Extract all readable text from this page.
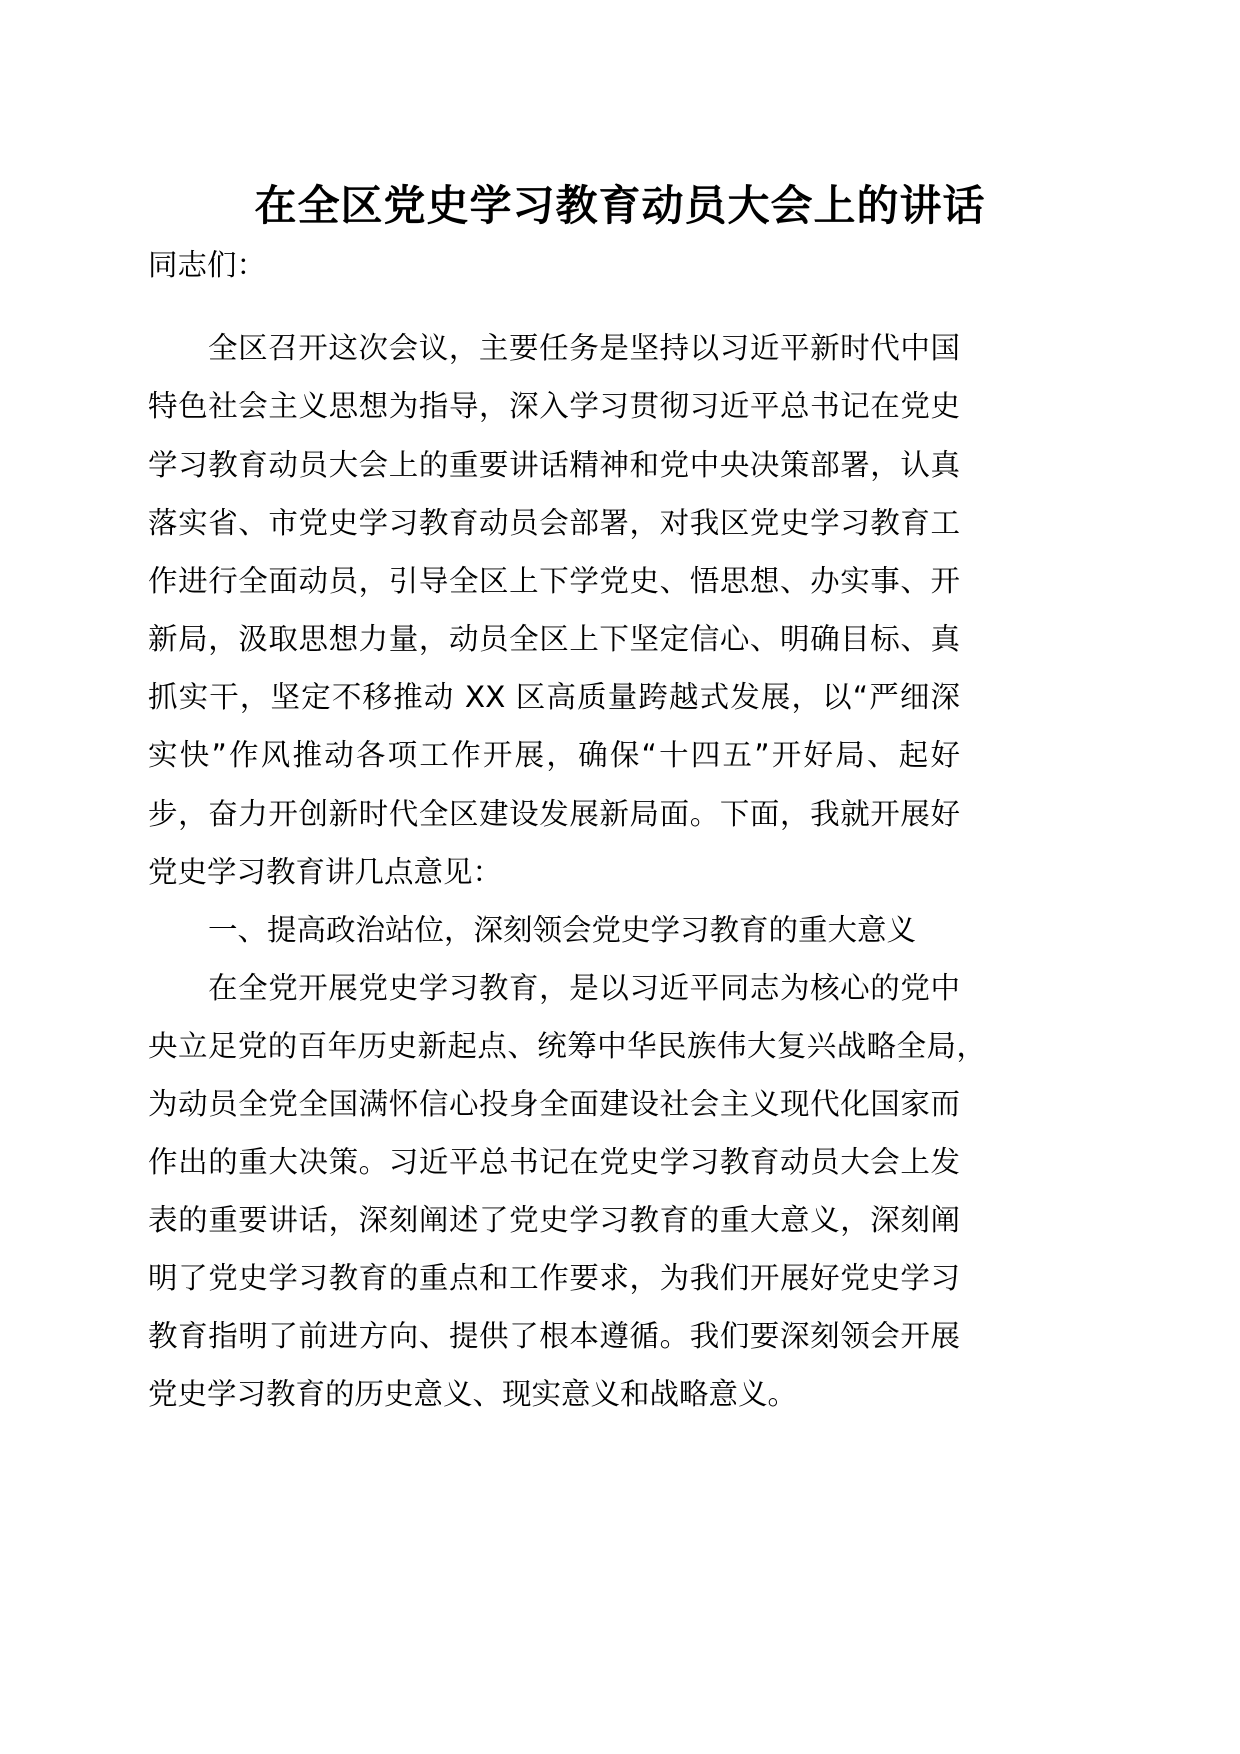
在全区党史学习教育动员大会上的讲话
同志们：
全区召开这次会议，主要任务是坚持以习近平新时代中国
特色社会主义思想为指导，深入学习贯彻习近平总书记在党史
学习教育动员大会上的重要讲话精神和党中央决策部署，认真
落实省、市党史学习教育动员会部署，对我区党史学习教育工
作进行全面动员，引导全区上下学党史、悟思想、办实事、开
新局，汲取思想力量，动员全区上下坚定信心、明确目标、真
抓实干，坚定不移推动 XX 区高质量跨越式发展，以“严细深
实快”作风推动各项工作开展，确保“十四五”开好局、起好
步，奋力开创新时代全区建设发展新局面。下面，我就开展好
党史学习教育讲几点意见：
一、提高政治站位，深刻领会党史学习教育的重大意义
在全党开展党史学习教育，是以习近平同志为核心的党中
央立足党的百年历史新起点、统筹中华民族伟大复兴战略全局，
为动员全党全国满怀信心投身全面建设社会主义现代化国家而
作出的重大决策。习近平总书记在党史学习教育动员大会上发
表的重要讲话，深刻阐述了党史学习教育的重大意义，深刻阐
明了党史学习教育的重点和工作要求，为我们开展好党史学习
教育指明了前进方向、提供了根本遵循。我们要深刻领会开展
党史学习教育的历史意义、现实意义和战略意义。
